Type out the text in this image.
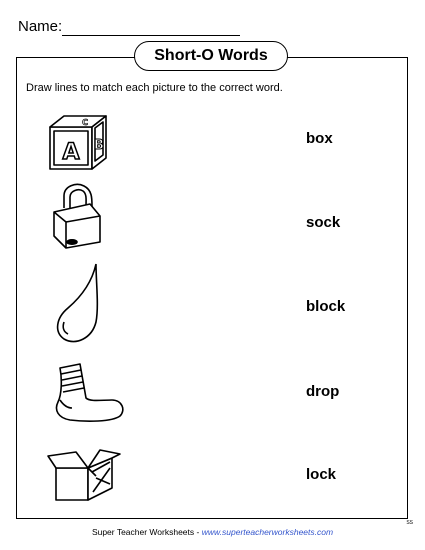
Name:
Short-O Words
Draw lines to match each picture to the correct word.
A B
C
box
sock
block
drop
lock
Super Teacher Worksheets - www.superteacherworksheets.com
SS
